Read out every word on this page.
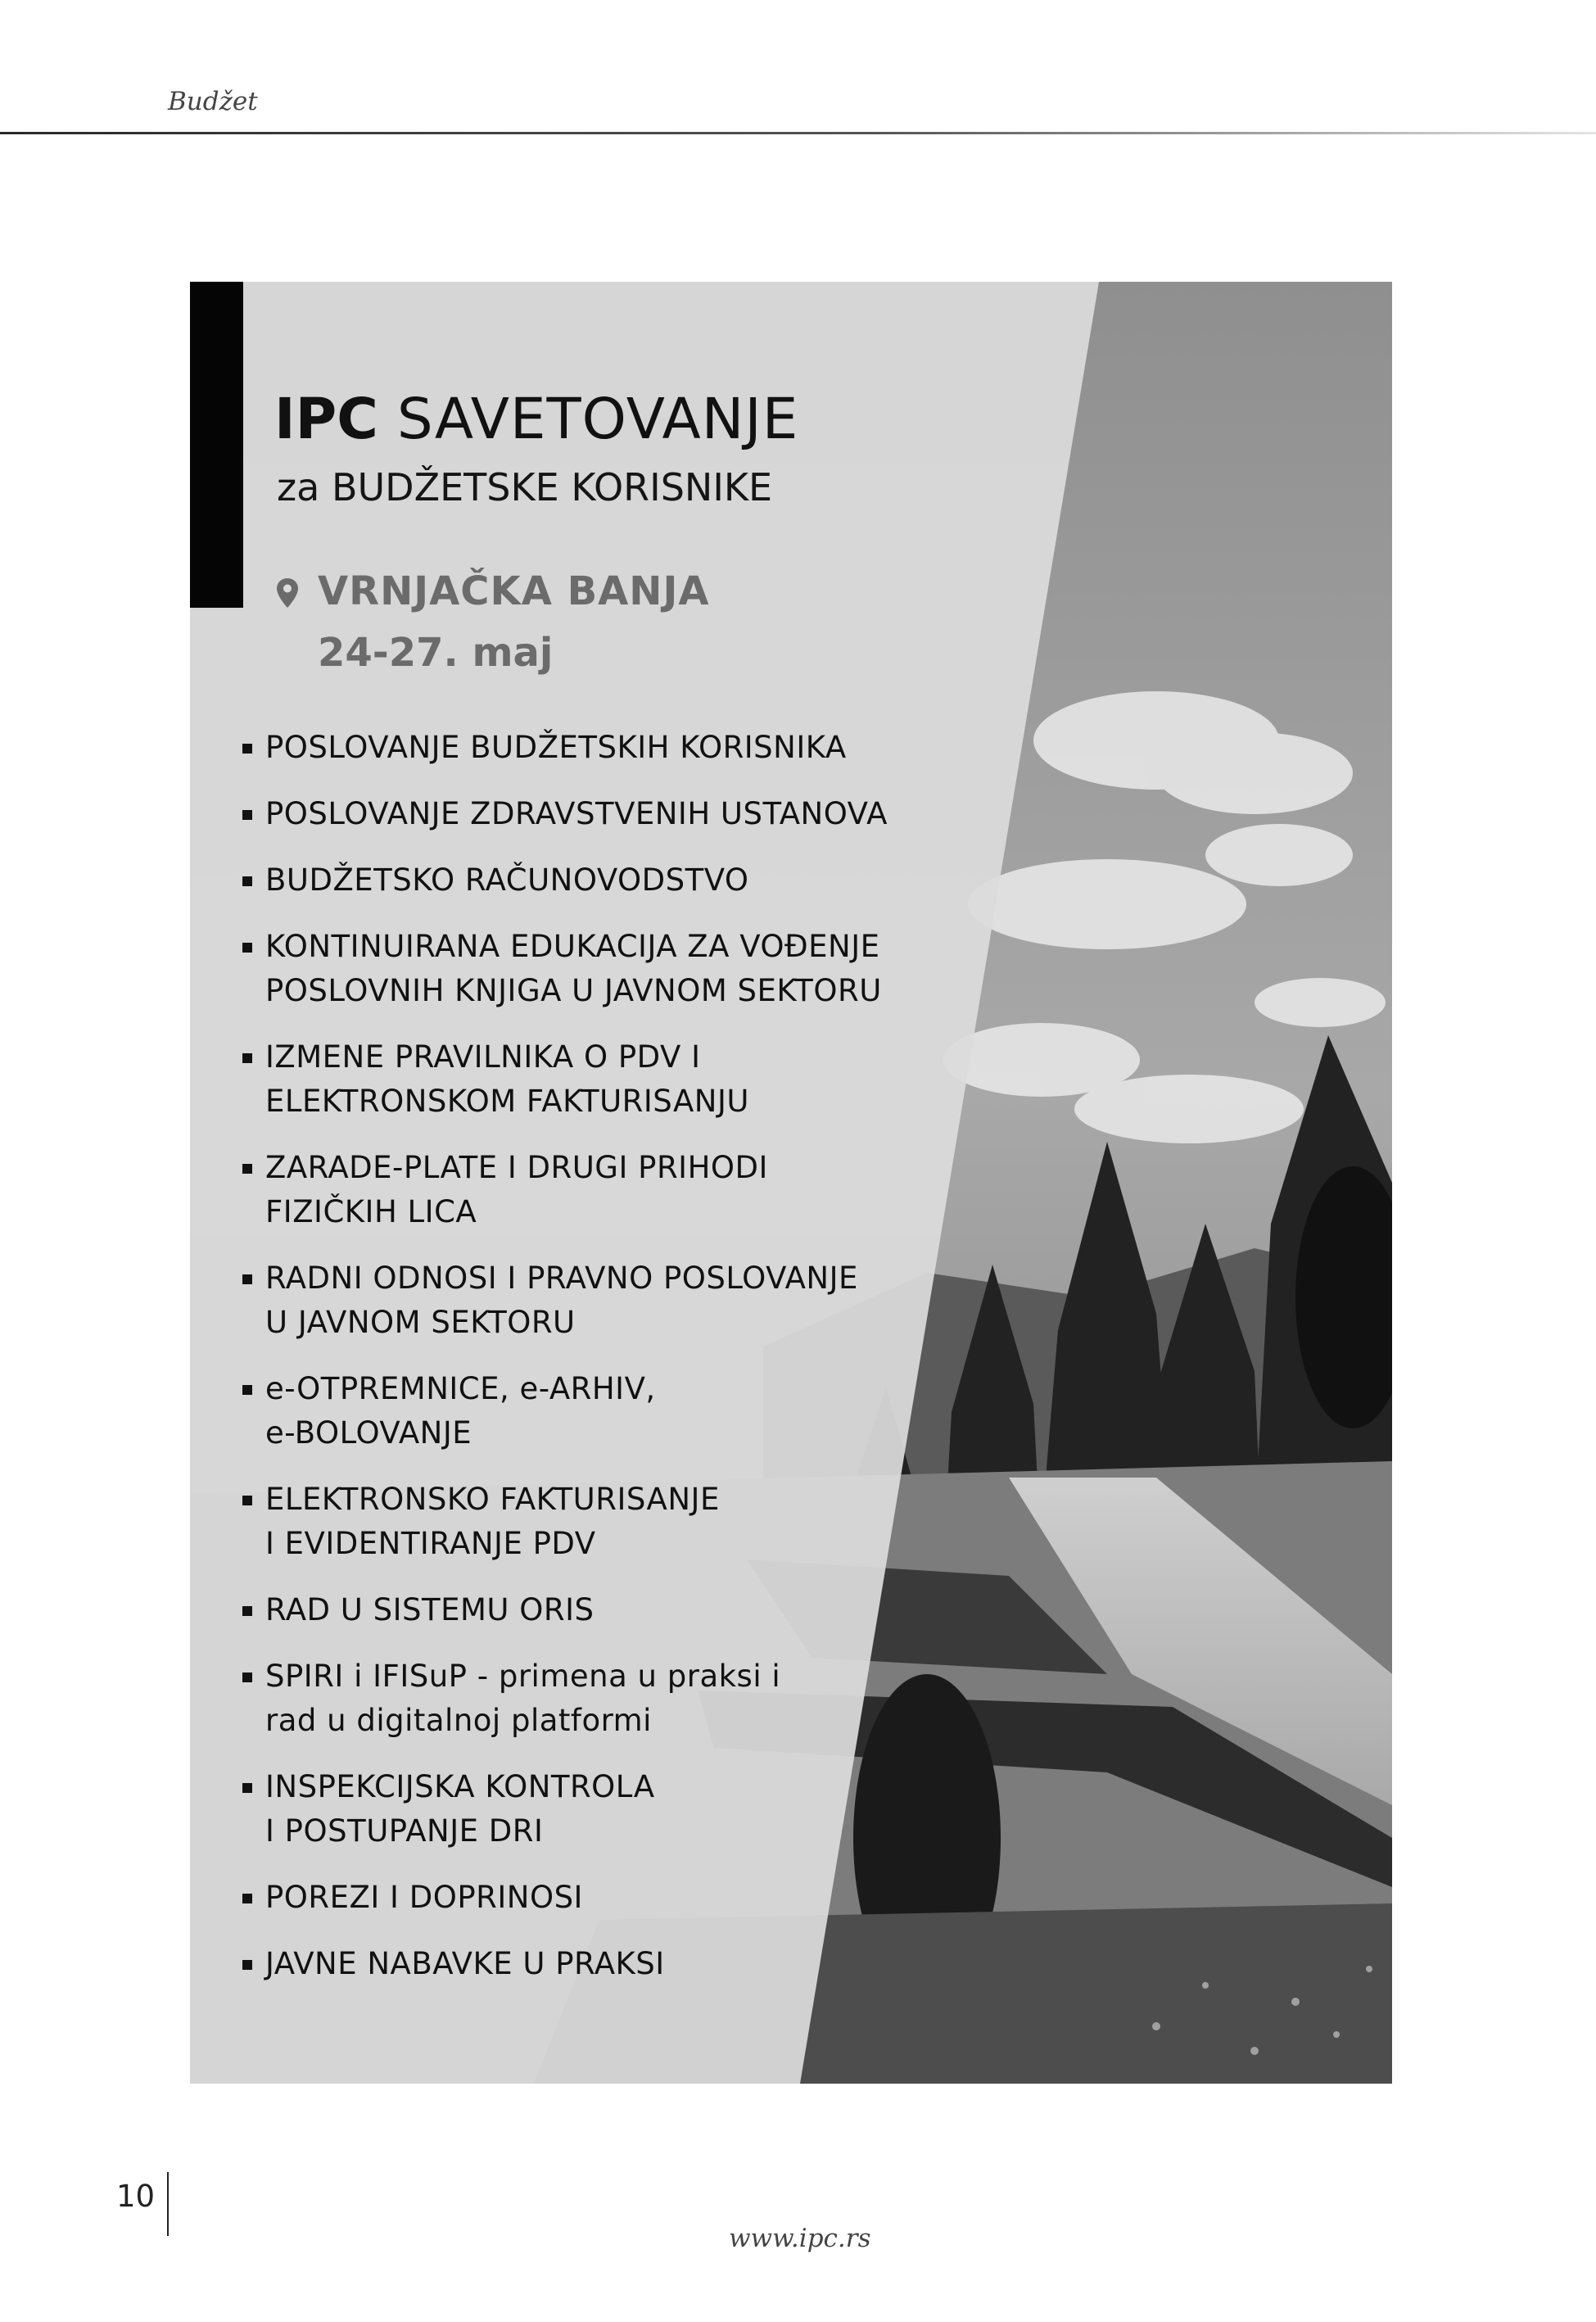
Budžet
IPC SAVETOVANJE
za BUDŽETSKE KORISNIKE
VRNJAČKA BANJA
24-27. maj
POSLOVANJE BUDŽETSKIH KORISNIKA
POSLOVANJE ZDRAVSTVENIH USTANOVA
BUDŽETSKO RAČUNOVODSTVO
KONTINUIRANA EDUKACIJA ZA VOĐENJE
POSLOVNIH KNJIGA U JAVNOM SEKTORU
IZMENE PRAVILNIKA O PDV I
ELEKTRONSKOM FAKTURISANJU
ZARADE-PLATE I DRUGI PRIHODI
FIZIČKIH LICA
RADNI ODNOSI I PRAVNO POSLOVANJE
U JAVNOM SEKTORU
e-OTPREMNICE, e-ARHIV,
e-BOLOVANJE
ELEKTRONSKO FAKTURISANJE
I EVIDENTIRANJE PDV
RAD U SISTEMU ORIS
SPIRI i IFISuP - primena u praksi i
rad u digitalnoj platformi
INSPEKCIJSKA KONTROLA
I POSTUPANJE DRI
POREZI I DOPRINOSI
JAVNE NABAVKE U PRAKSI
10
www.ipc.rs
